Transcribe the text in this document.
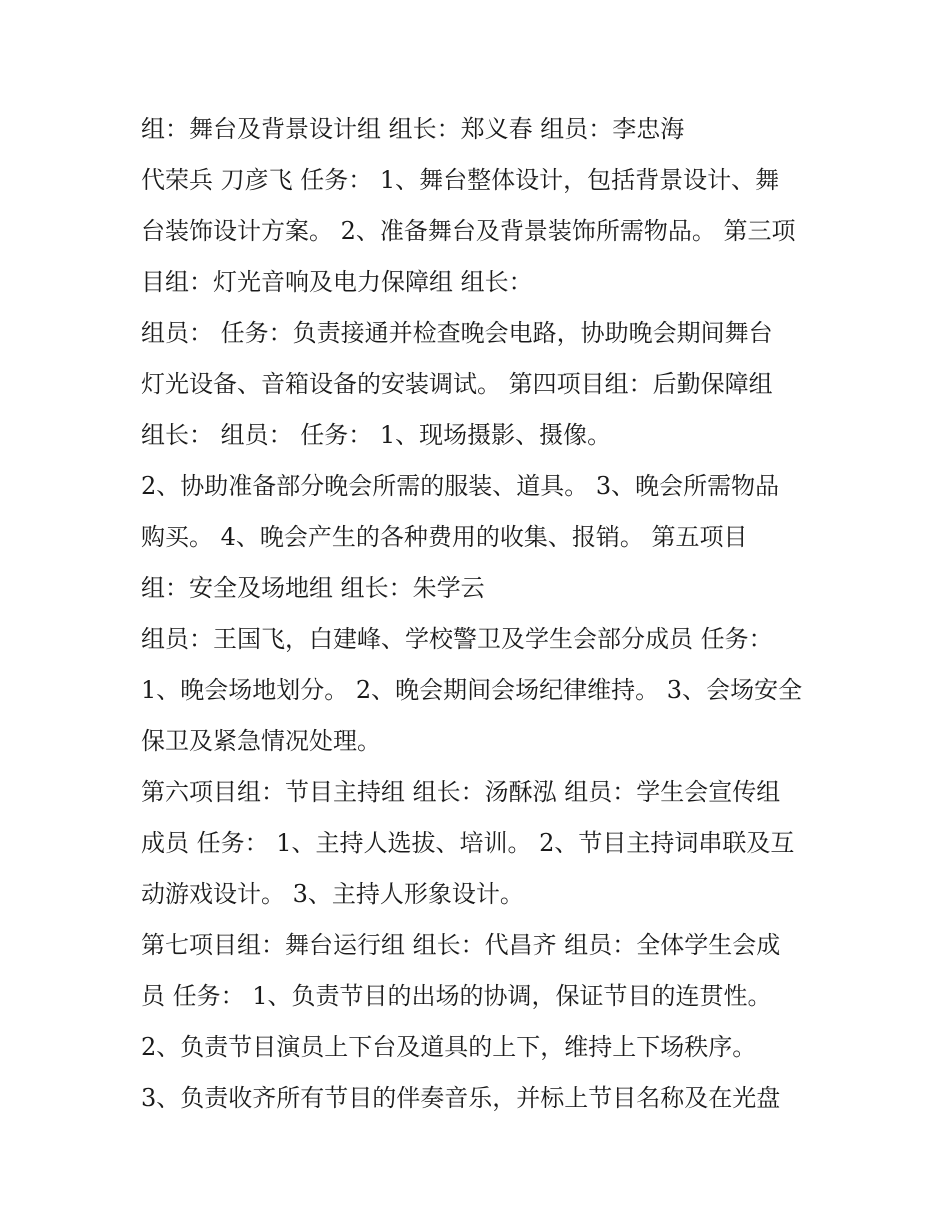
组：舞台及背景设计组 组长：郑义春 组员：李忠海
代荣兵 刀彦飞 任务： 1、舞台整体设计，包括背景设计、舞
台装饰设计方案。 2、准备舞台及背景装饰所需物品。 第三项
目组：灯光音响及电力保障组 组长：
组员： 任务：负责接通并检查晚会电路，协助晚会期间舞台
灯光设备、音箱设备的安装调试。 第四项目组：后勤保障组
组长： 组员： 任务： 1、现场摄影、摄像。
2、协助准备部分晚会所需的服装、道具。 3、晚会所需物品
购买。 4、晚会产生的各种费用的收集、报销。 第五项目
组：安全及场地组 组长：朱学云
组员：王国飞，白建峰、学校警卫及学生会部分成员 任务：
1、晚会场地划分。 2、晚会期间会场纪律维持。 3、会场安全
保卫及紧急情况处理。
第六项目组：节目主持组 组长：汤酥泓 组员：学生会宣传组
成员 任务： 1、主持人选拔、培训。 2、节目主持词串联及互
动游戏设计。 3、主持人形象设计。
第七项目组：舞台运行组 组长：代昌齐 组员：全体学生会成
员 任务： 1、负责节目的出场的协调，保证节目的连贯性。
2、负责节目演员上下台及道具的上下，维持上下场秩序。
3、负责收齐所有节目的伴奏音乐，并标上节目名称及在光盘
